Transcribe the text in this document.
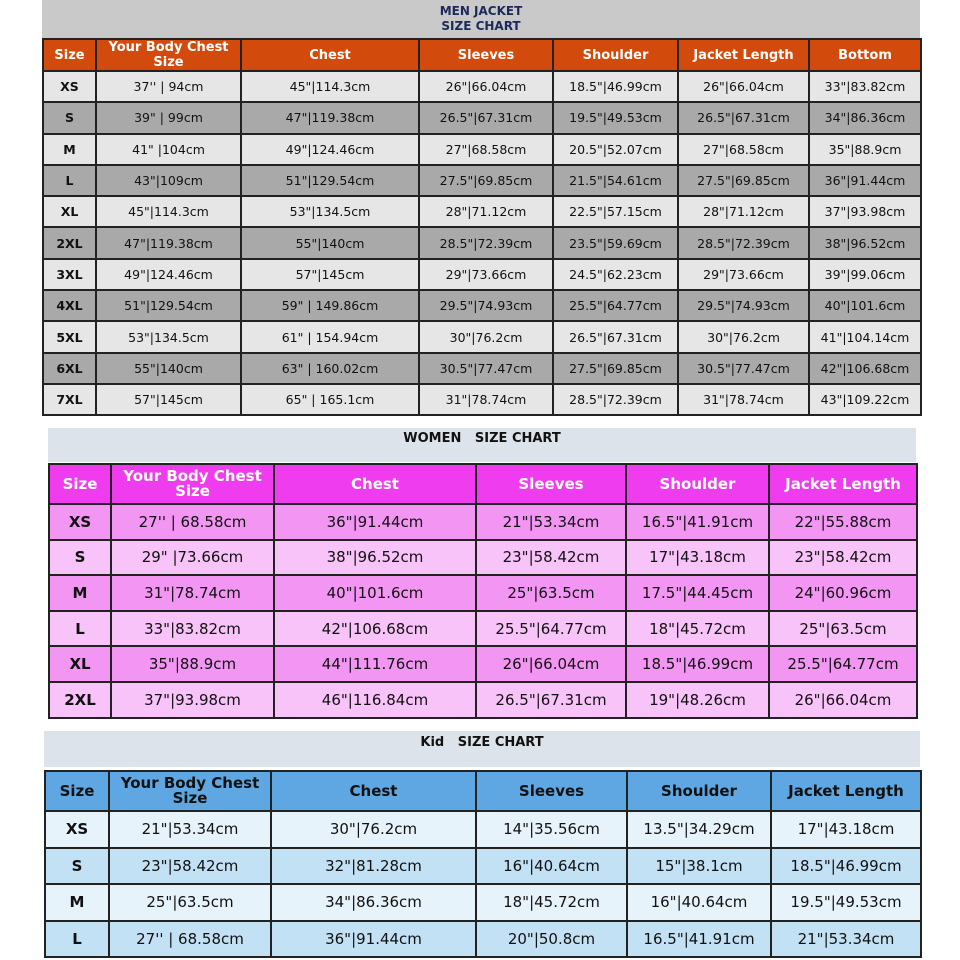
MEN JACKET
SIZE CHART
Size	Your Body Chest Size	Chest	Sleeves	Shoulder	Jacket Length	Bottom
XS	37'' | 94cm	45"|114.3cm	26"|66.04cm	18.5"|46.99cm	26"|66.04cm	33"|83.82cm
S	39" | 99cm	47"|119.38cm	26.5"|67.31cm	19.5"|49.53cm	26.5"|67.31cm	34"|86.36cm
M	41" |104cm	49"|124.46cm	27"|68.58cm	20.5"|52.07cm	27"|68.58cm	35"|88.9cm
L	43"|109cm	51"|129.54cm	27.5"|69.85cm	21.5"|54.61cm	27.5"|69.85cm	36"|91.44cm
XL	45"|114.3cm	53"|134.5cm	28"|71.12cm	22.5"|57.15cm	28"|71.12cm	37"|93.98cm
2XL	47"|119.38cm	55"|140cm	28.5"|72.39cm	23.5"|59.69cm	28.5"|72.39cm	38"|96.52cm
3XL	49"|124.46cm	57"|145cm	29"|73.66cm	24.5"|62.23cm	29"|73.66cm	39"|99.06cm
4XL	51"|129.54cm	59" | 149.86cm	29.5"|74.93cm	25.5"|64.77cm	29.5"|74.93cm	40"|101.6cm
5XL	53"|134.5cm	61" | 154.94cm	30"|76.2cm	26.5"|67.31cm	30"|76.2cm	41"|104.14cm
6XL	55"|140cm	63" | 160.02cm	30.5"|77.47cm	27.5"|69.85cm	30.5"|77.47cm	42"|106.68cm
7XL	57"|145cm	65" | 165.1cm	31"|78.74cm	28.5"|72.39cm	31"|78.74cm	43"|109.22cm
WOMEN   SIZE CHART
Size	Your Body Chest Size	Chest	Sleeves	Shoulder	Jacket Length
XS	27'' | 68.58cm	36"|91.44cm	21"|53.34cm	16.5"|41.91cm	22"|55.88cm
S	29" |73.66cm	38"|96.52cm	23"|58.42cm	17"|43.18cm	23"|58.42cm
M	31"|78.74cm	40"|101.6cm	25"|63.5cm	17.5"|44.45cm	24"|60.96cm
L	33"|83.82cm	42"|106.68cm	25.5"|64.77cm	18"|45.72cm	25"|63.5cm
XL	35"|88.9cm	44"|111.76cm	26"|66.04cm	18.5"|46.99cm	25.5"|64.77cm
2XL	37"|93.98cm	46"|116.84cm	26.5"|67.31cm	19"|48.26cm	26"|66.04cm
Kid   SIZE CHART
Size	Your Body Chest Size	Chest	Sleeves	Shoulder	Jacket Length
XS	21"|53.34cm	30"|76.2cm	14"|35.56cm	13.5"|34.29cm	17"|43.18cm
S	23"|58.42cm	32"|81.28cm	16"|40.64cm	15"|38.1cm	18.5"|46.99cm
M	25"|63.5cm	34"|86.36cm	18"|45.72cm	16"|40.64cm	19.5"|49.53cm
L	27'' | 68.58cm	36"|91.44cm	20"|50.8cm	16.5"|41.91cm	21"|53.34cm
